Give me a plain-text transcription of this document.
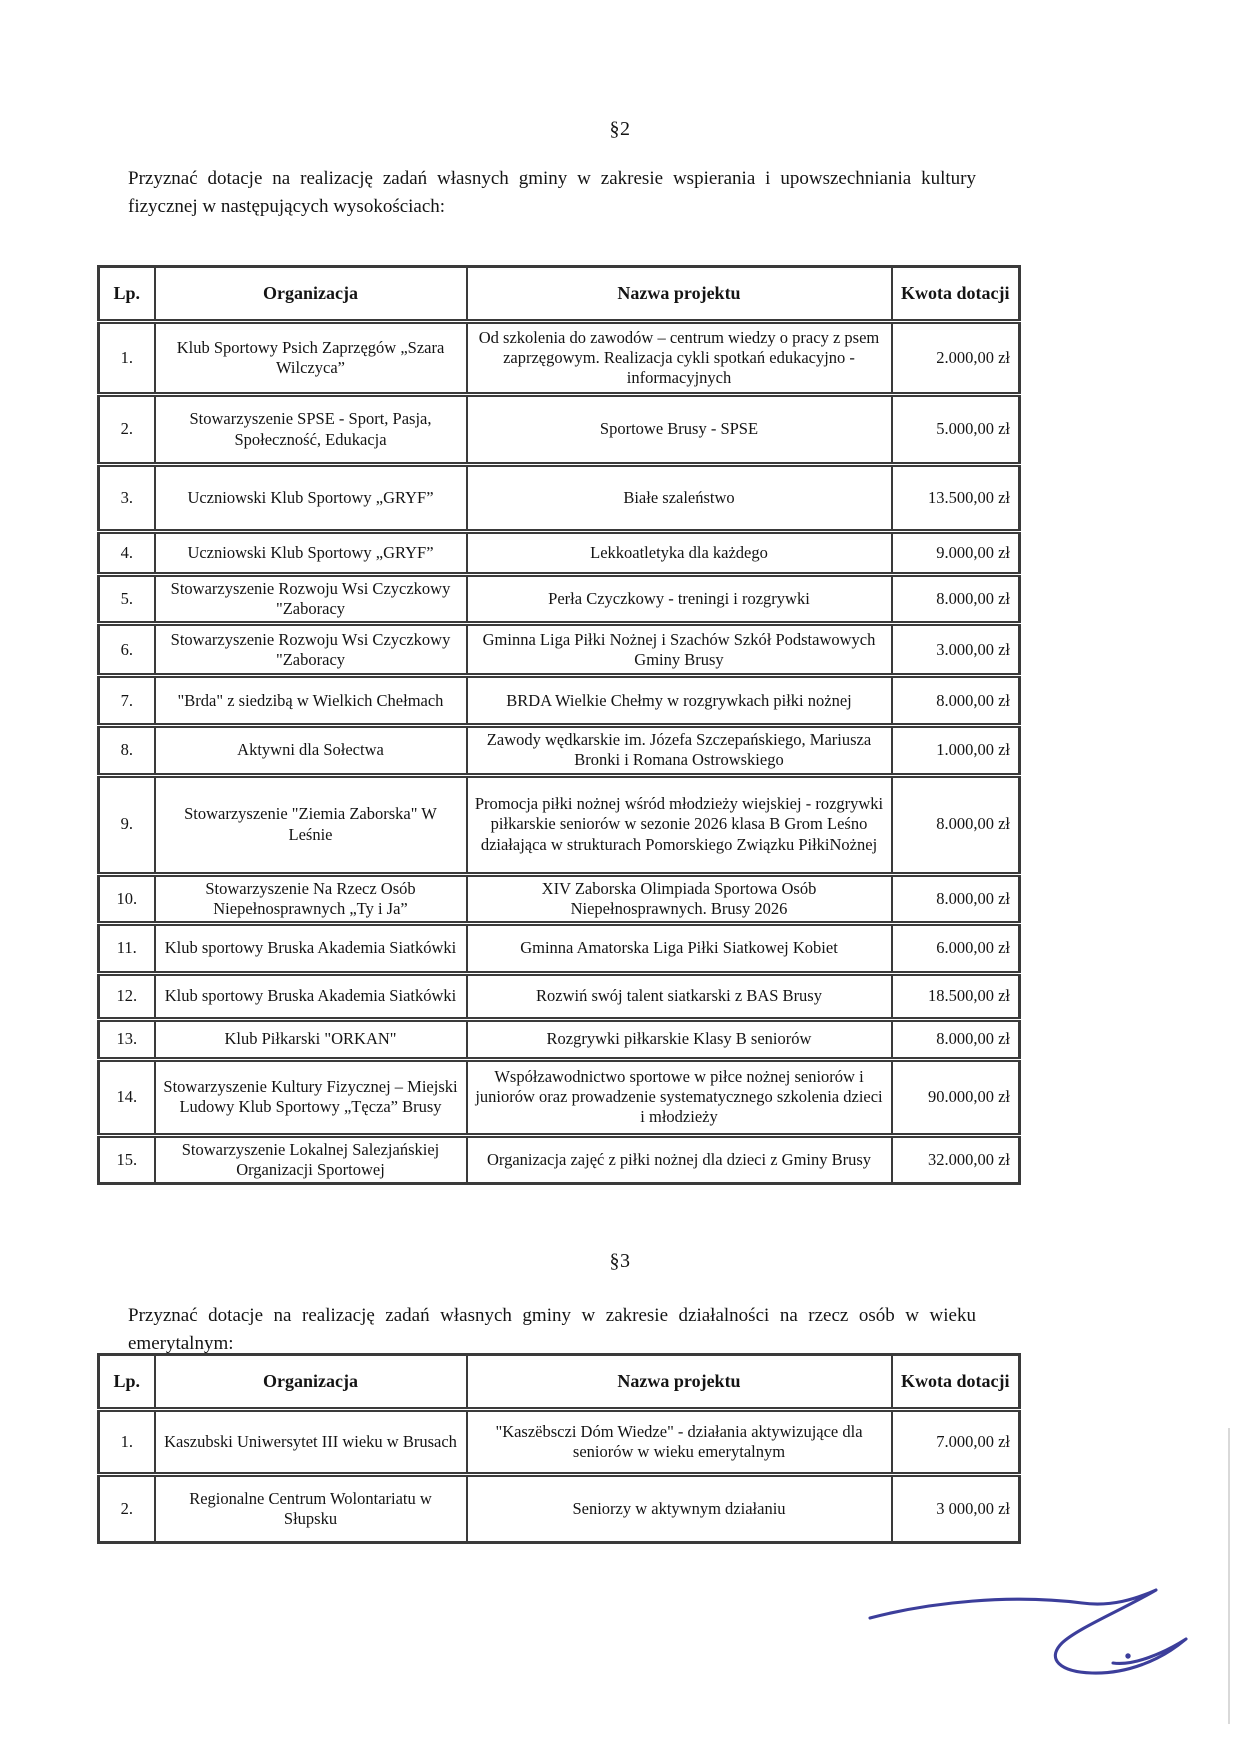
§2

Przyznać dotacje na realizację zadań własnych gminy w zakresie wspierania i upowszechniania kultury fizycznej w następujących wysokościach:

Lp.	Organizacja	Nazwa projektu	Kwota dotacji
1.	Klub Sportowy Psich Zaprzęgów „Szara Wilczyca”	Od szkolenia do zawodów – centrum wiedzy o pracy z psem zaprzęgowym. Realizacja cykli spotkań edukacyjno - informacyjnych	2.000,00 zł
2.	Stowarzyszenie SPSE - Sport, Pasja, Społeczność, Edukacja	Sportowe Brusy - SPSE	5.000,00 zł
3.	Uczniowski Klub Sportowy „GRYF”	Białe szaleństwo	13.500,00 zł
4.	Uczniowski Klub Sportowy „GRYF”	Lekkoatletyka dla każdego	9.000,00 zł
5.	Stowarzyszenie Rozwoju Wsi Czyczkowy "Zaboracy	Perła Czyczkowy - treningi i rozgrywki	8.000,00 zł
6.	Stowarzyszenie Rozwoju Wsi Czyczkowy "Zaboracy	Gminna Liga Piłki Nożnej i Szachów Szkół Podstawowych Gminy Brusy	3.000,00 zł
7.	"Brda" z siedzibą w Wielkich Chełmach	BRDA Wielkie Chełmy w rozgrywkach piłki nożnej	8.000,00 zł
8.	Aktywni dla Sołectwa	Zawody wędkarskie im. Józefa Szczepańskiego, Mariusza Bronki i Romana Ostrowskiego	1.000,00 zł
9.	Stowarzyszenie "Ziemia Zaborska" W Leśnie	Promocja piłki nożnej wśród młodzieży wiejskiej - rozgrywki piłkarskie seniorów w sezonie 2026 klasa B Grom Leśno działająca w strukturach Pomorskiego Związku PiłkiNożnej	8.000,00 zł
10.	Stowarzyszenie Na Rzecz Osób Niepełnosprawnych „Ty i Ja”	XIV Zaborska Olimpiada Sportowa Osób Niepełnosprawnych. Brusy 2026	8.000,00 zł
11.	Klub sportowy Bruska Akademia Siatkówki	Gminna Amatorska Liga Piłki Siatkowej Kobiet	6.000,00 zł
12.	Klub sportowy Bruska Akademia Siatkówki	Rozwiń swój talent siatkarski z BAS Brusy	18.500,00 zł
13.	Klub Piłkarski "ORKAN"	Rozgrywki piłkarskie Klasy B seniorów	8.000,00 zł
14.	Stowarzyszenie Kultury Fizycznej – Miejski Ludowy Klub Sportowy „Tęcza” Brusy	Współzawodnictwo sportowe w piłce nożnej seniorów i juniorów oraz prowadzenie systematycznego szkolenia dzieci i młodzieży	90.000,00 zł
15.	Stowarzyszenie Lokalnej Salezjańskiej Organizacji Sportowej	Organizacja zajęć z piłki nożnej dla dzieci z Gminy Brusy	32.000,00 zł
§3

Przyznać dotacje na realizację zadań własnych gminy w zakresie działalności na rzecz osób w wieku emerytalnym:

Lp.	Organizacja	Nazwa projektu	Kwota dotacji
1.	Kaszubski Uniwersytet III wieku w Brusach	"Kaszëbsczi Dóm Wiedze" - działania aktywizujące dla seniorów w wieku emerytalnym	7.000,00 zł
2.	Regionalne Centrum Wolontariatu w Słupsku	Seniorzy w aktywnym działaniu	3 000,00 zł
